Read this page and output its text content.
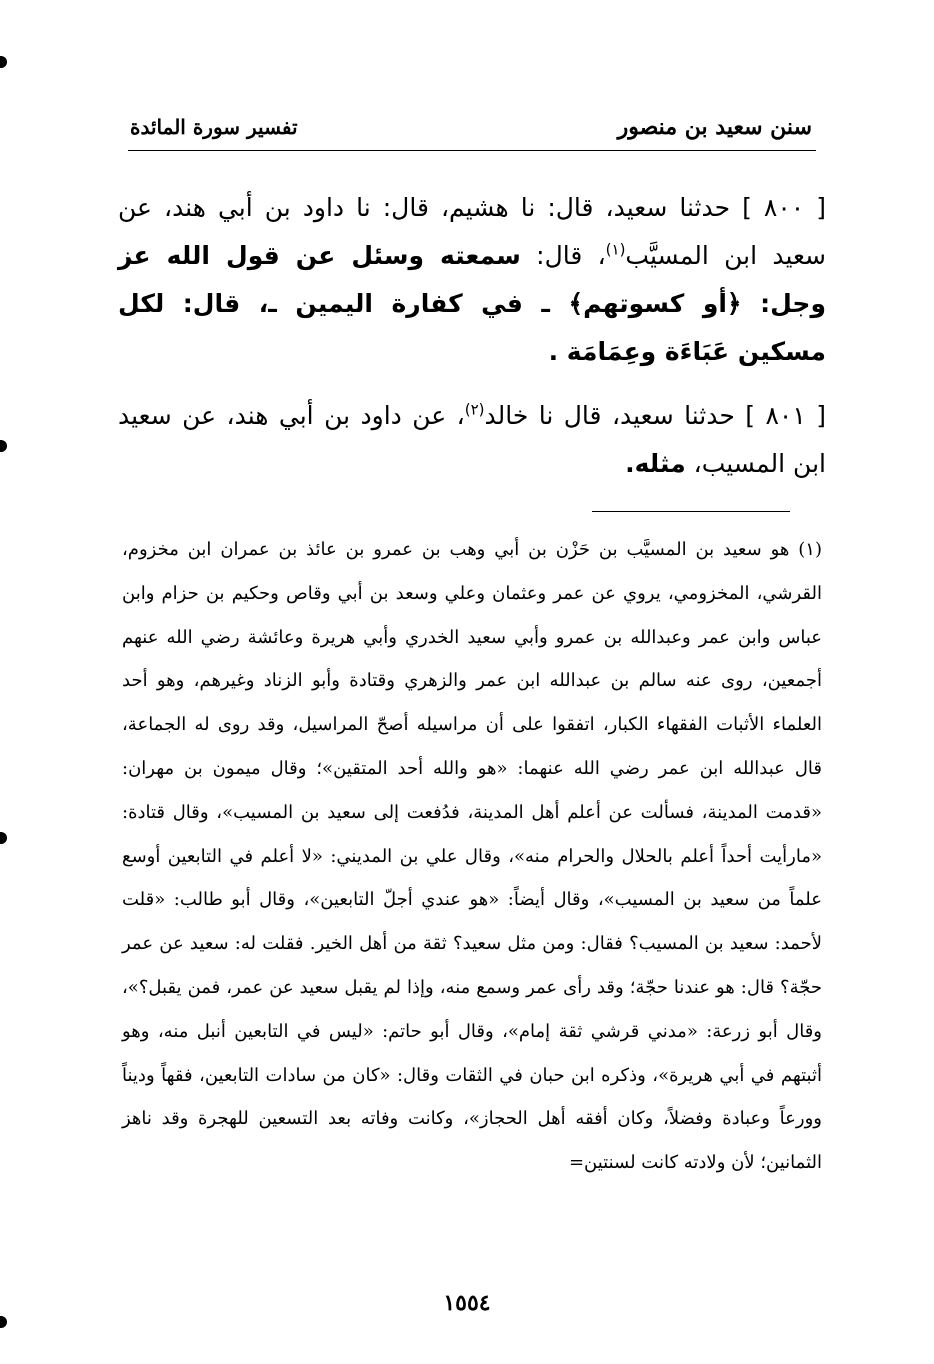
سنن سعيد بن منصور
تفسير سورة المائدة
[ ٨٠٠ ] حدثنا سعيد، قال: نا هشيم، قال: نا داود بن أبي هند، عن سعيد ابن المسيَّب$^{(١)}$، قال: سمعته وسئل عن قول الله عز وجل: ﴿أو كسوتهم﴾ ـ في كفارة اليمين ـ، قال: لكل مسكين عَبَاءَة وعِمَامَة .
[ ٨٠١ ] حدثنا سعيد، قال نا خالد$^{(٢)}$، عن داود بن أبي هند، عن سعيد ابن المسيب، مثله.
(١) هو سعيد بن المسيَّب بن حَزْن بن أبي وهب بن عمرو بن عائذ بن عمران ابن مخزوم، القرشي، المخزومي، يروي عن عمر وعثمان وعلي وسعد بن أبي وقاص وحكيم بن حزام وابن عباس وابن عمر وعبدالله بن عمرو وأبي سعيد الخدري وأبي هريرة وعائشة رضي الله عنهم أجمعين، روى عنه سالم بن عبدالله ابن عمر والزهري وقتادة وأبو الزناد وغيرهم، وهو أحد العلماء الأثبات الفقهاء الكبار، اتفقوا على أن مراسيله أصحّ المراسيل، وقد روى له الجماعة، قال عبدالله ابن عمر رضي الله عنهما: «هو والله أحد المتقين»؛ وقال ميمون بن مهران: «قدمت المدينة، فسألت عن أعلم أهل المدينة، فدُفعت إلى سعيد بن المسيب»، وقال قتادة: «مارأيت أحداً أعلم بالحلال والحرام منه»، وقال علي بن المديني: «لا أعلم في التابعين أوسع علماً من سعيد بن المسيب»، وقال أيضاً: «هو عندي أجلّ التابعين»، وقال أبو طالب: «قلت لأحمد: سعيد بن المسيب؟ فقال: ومن مثل سعيد؟ ثقة من أهل الخير. فقلت له: سعيد عن عمر حجّة؟ قال: هو عندنا حجّة؛ وقد رأى عمر وسمع منه، وإذا لم يقبل سعيد عن عمر، فمن يقبل؟»، وقال أبو زرعة: «مدني قرشي ثقة إمام»، وقال أبو حاتم: «ليس في التابعين أنبل منه، وهو أثبتهم في أبي هريرة»، وذكره ابن حبان في الثقات وقال: «كان من سادات التابعين، فقهاً وديناً وورعاً وعبادة وفضلاً، وكان أفقه أهل الحجاز»، وكانت وفاته بعد التسعين للهجرة وقد ناهز الثمانين؛ لأن ولادته كانت لسنتين=
١٥٥٤
